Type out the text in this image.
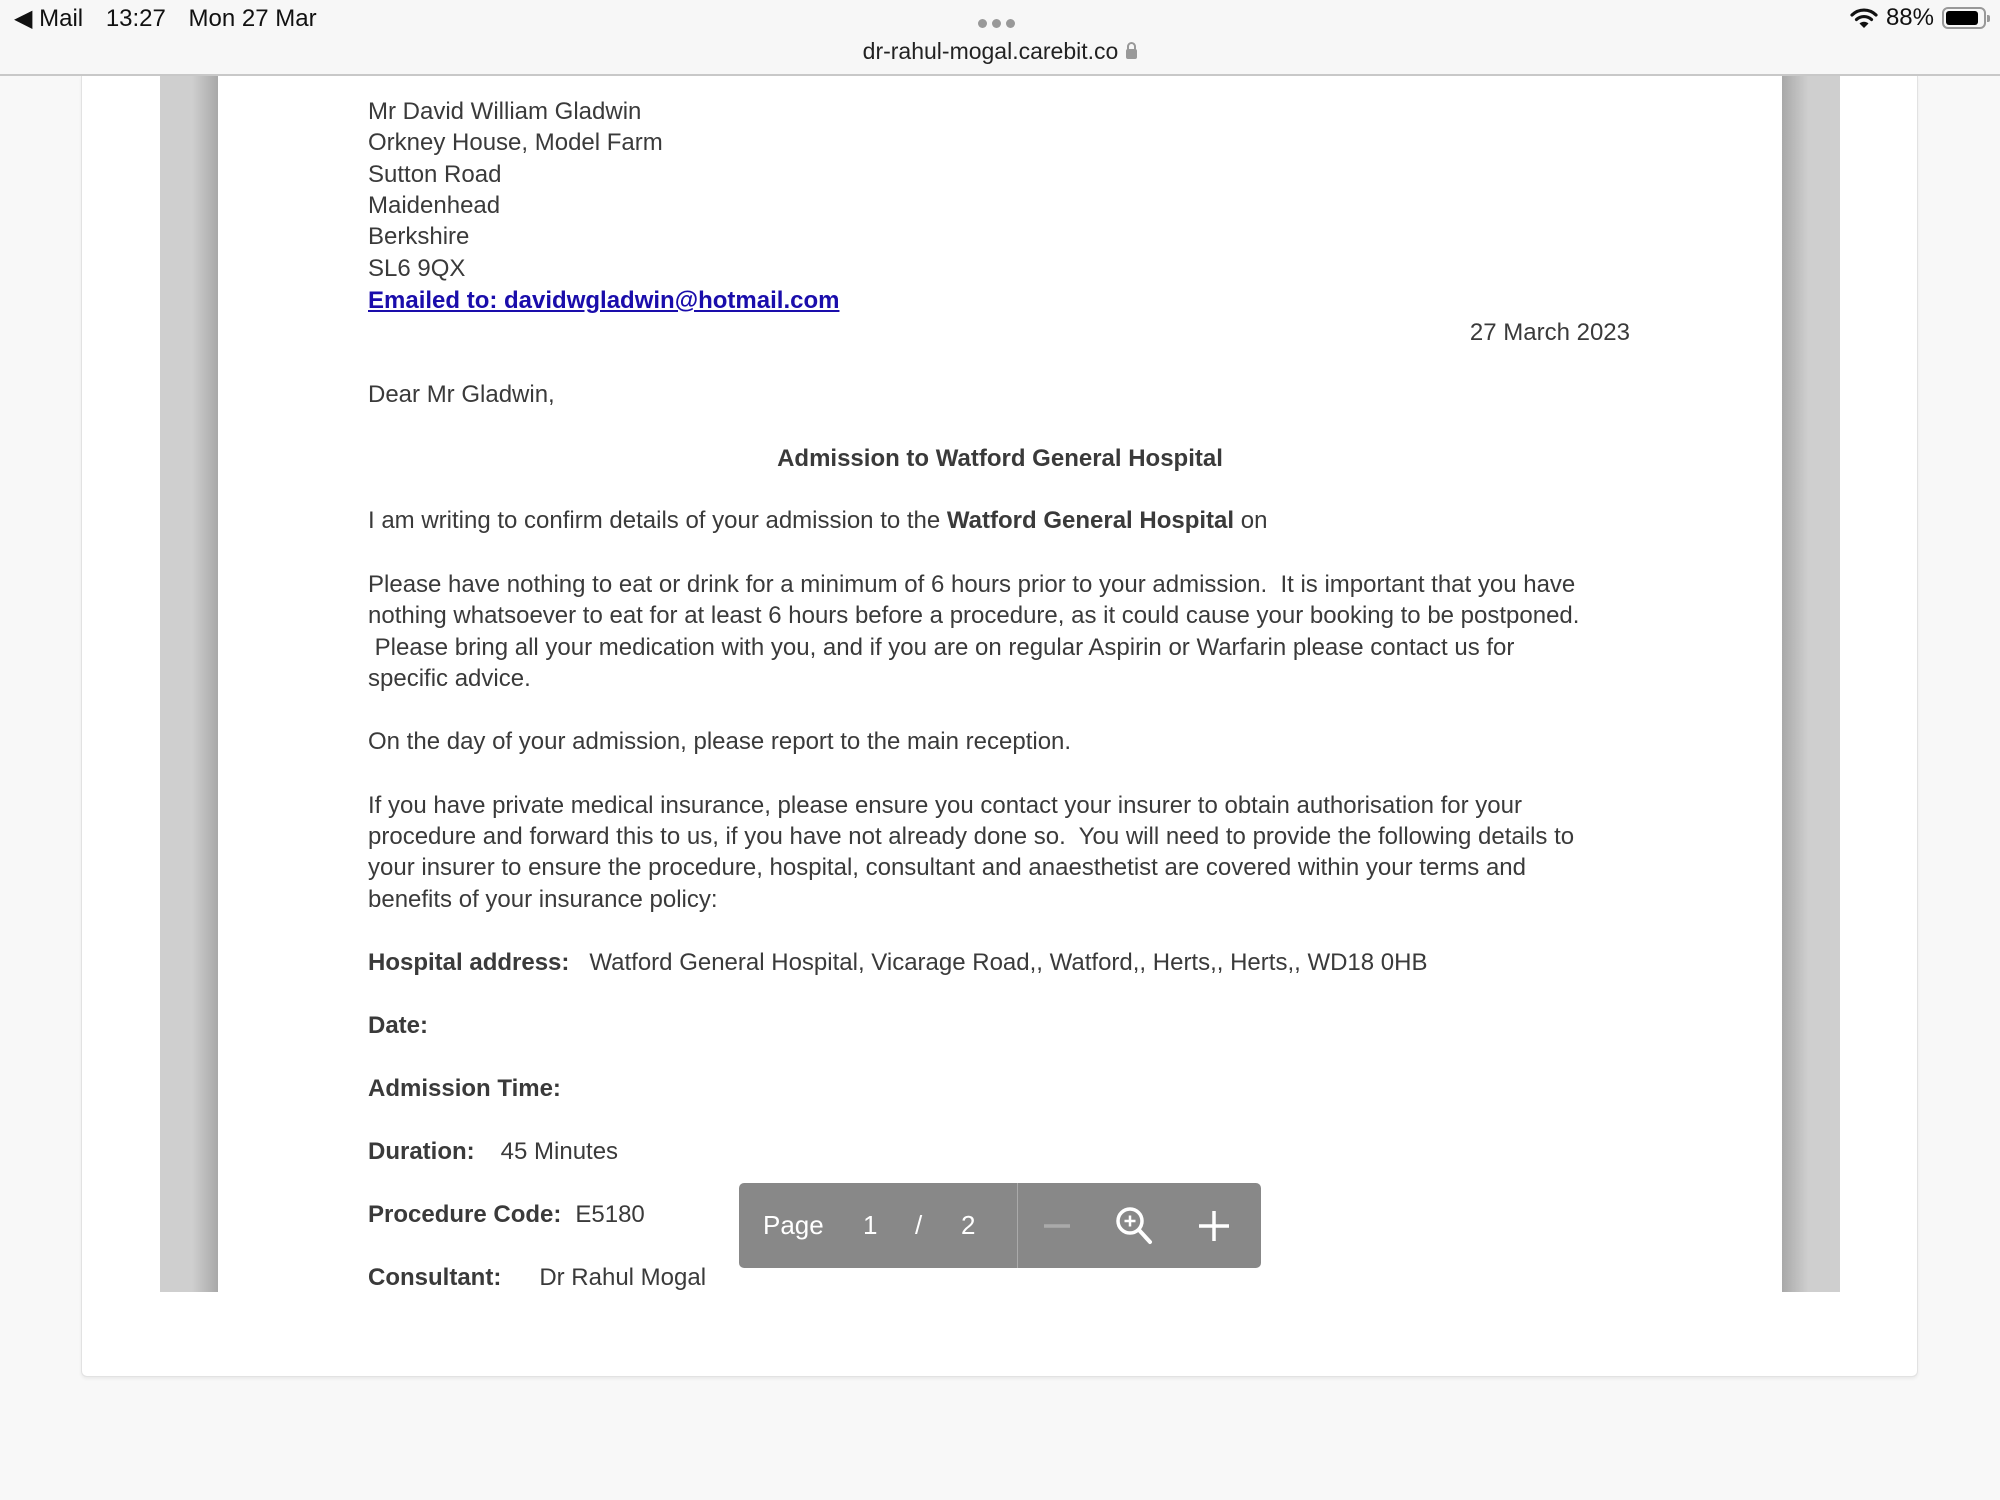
◀ Mail 13:27 Mon 27 Mar
dr-rahul-mogal.carebit.co
88%
Mr David William Gladwin
Orkney House, Model Farm
Sutton Road
Maidenhead
Berkshire
SL6 9QX
Emailed to: davidwgladwin@hotmail.com
27 March 2023
Dear Mr Gladwin,
Admission to Watford General Hospital
I am writing to confirm details of your admission to the Watford General Hospital on
Please have nothing to eat or drink for a minimum of 6 hours prior to your admission.  It is important that you have
nothing whatsoever to eat for at least 6 hours before a procedure, as it could cause your booking to be postponed.
Please bring all your medication with you, and if you are on regular Aspirin or Warfarin please contact us for
specific advice.
On the day of your admission, please report to the main reception.
If you have private medical insurance, please ensure you contact your insurer to obtain authorisation for your
procedure and forward this to us, if you have not already done so.  You will need to provide the following details to
your insurer to ensure the procedure, hospital, consultant and anaesthetist are covered within your terms and
benefits of your insurance policy:
Hospital address: Watford General Hospital, Vicarage Road,, Watford,, Herts,, Herts,, WD18 0HB
Date:
Admission Time:
Duration: 45 Minutes
Procedure Code: E5180
Consultant: Dr Rahul Mogal
Page 1 / 2
